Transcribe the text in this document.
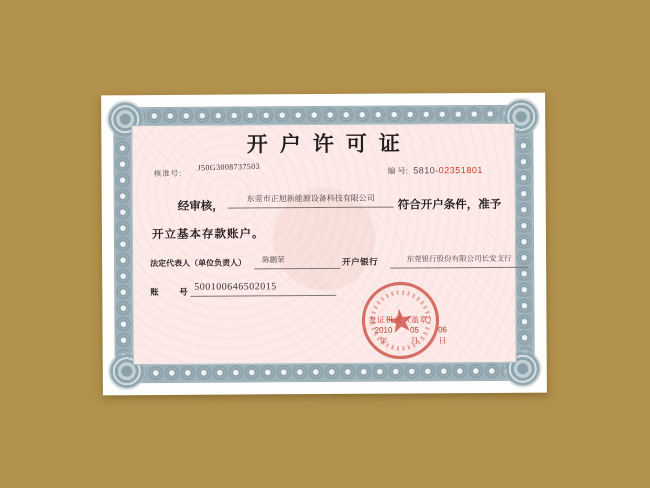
开户许可证
核准号:
J50G3008737503	编 号: 5810-02351801
经审核，
东莞市正旭新能源设备科技有限公司
符合开户条件，准予
开立基本存款账户。
法定代表人（单位负责人）	陈鹏荣	开户银行	东莞银行股份有限公司长安支行
账　号 500100646502015
发证机关（盖章）
2010 05 06
年	月 日
